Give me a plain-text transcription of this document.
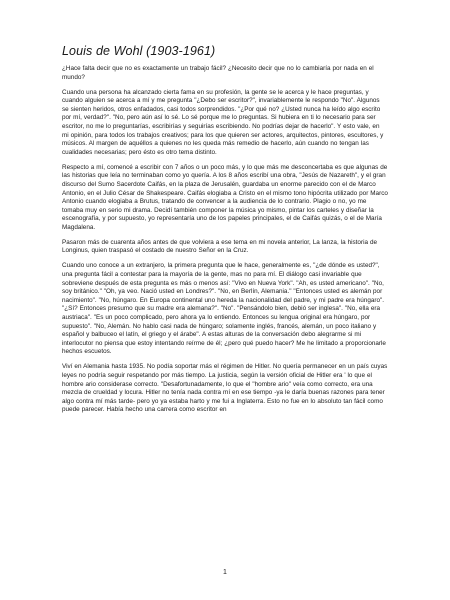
Louis de Wohl (1903-1961)

¿Hace falta decir que no es exactamente un trabajo fácil? ¿Necesito decir que no lo cambiaría por nada en el mundo?

Cuando una persona ha alcanzado cierta fama en su profesión, la gente se le acerca y le hace preguntas, y cuando alguien se acerca a mí y me pregunta "¿Debo ser escritor?", invariablemente le respondo "No". Algunos se sienten heridos, otros enfadados, casi todos sorprendidos. "¿Por qué no? ¿Usted nunca ha leído algo escrito por mí, verdad?". "No, pero aún así lo sé. Lo sé porque me lo preguntas. Si hubiera en ti lo necesario para ser escritor, no me lo preguntarías, escribirías y seguirías escribiendo. No podrías dejar de hacerlo". Y esto vale, en mi opinión, para todos los trabajos creativos; para los que quieren ser actores, arquitectos, pintores, escultores, y músicos. Al margen de aquéllos a quienes no les queda más remedio de hacerlo, aún cuando no tengan las cualidades necesarias; pero ésto es otro tema distinto.

Respecto a mí, comencé a escribir con 7 años o un poco más, y lo que más me desconcertaba es que algunas de las historias que leía no terminaban como yo quería. A los 8 años escribí una obra, "Jesús de Nazareth", y el gran discurso del Sumo Sacerdote Caifás, en la plaza de Jerusalén, guardaba un enorme parecido con el de Marco Antonio, en el Julio César de Shakespeare. Caifás elogiaba a Cristo en el mismo tono hipócrita utilizado por Marco Antonio cuando elogiaba a Brutus, tratando de convencer a la audiencia de lo contrario. Plagio o no, yo me tomaba muy en serio mi drama. Decidí también componer la música yo mismo, pintar los carteles y diseñar la escenografía, y por supuesto, yo representaría uno de los papeles principales, el de Caifás quizás, o el de María Magdalena.

Pasaron más de cuarenta años antes de que volviera a ese tema en mi novela anterior, La lanza, la historia de Longinus, quien traspasó el costado de nuestro Señor en la Cruz.

Cuando uno conoce a un extranjero, la primera pregunta que le hace, generalmente es, "¿de dónde es usted?", una pregunta fácil a contestar para la mayoría de la gente, mas no para mí. El diálogo casi invariable que sobreviene después de esta pregunta es más o menos así: "Vivo en Nueva York". "Ah, es usted americano". "No, soy británico." "Oh, ya veo. Nació usted en Londres?". "No, en Berlín, Alemania." "Entonces usted es alemán por nacimiento". "No, húngaro. En Europa continental uno hereda la nacionalidad del padre, y mi padre era húngaro". "¿Sí? Entonces presumo que su madre era alemana?". "No". "Pensándolo bien, debió ser inglesa". "No, ella era austriaca". "Es un poco complicado, pero ahora ya lo entiendo. Entonces su lengua original era húngaro, por supuesto". "No, Alemán. No hablo casi nada de húngaro; solamente inglés, francés, alemán, un poco italiano y español y balbuceo el latín, el griego y el árabe". A estas alturas de la conversación debo alegrarme si mi interlocutor no piensa que estoy intentando reírme de él; ¿pero qué puedo hacer? Me he limitado a proporcionarle hechos escuetos.

Viví en Alemania hasta 1935. No podía soportar más el régimen de Hitler. No quería permanecer en un país cuyas leyes no podría seguir respetando por más tiempo. La justicia, según la versión oficial de Hitler era ' lo que el hombre ario considerase correcto. "Desafortunadamente, lo que el "hombre ario" veía como correcto, era una mezcla de crueldad y locura. Hitler no tenía nada contra mí en ese tiempo -ya le daría buenas razones para tener algo contra mí más tarde- pero yo ya estaba harto y me fui a Inglaterra. Esto no fue en lo absoluto tan fácil como puede parecer. Había hecho una carrera como escritor en

1
